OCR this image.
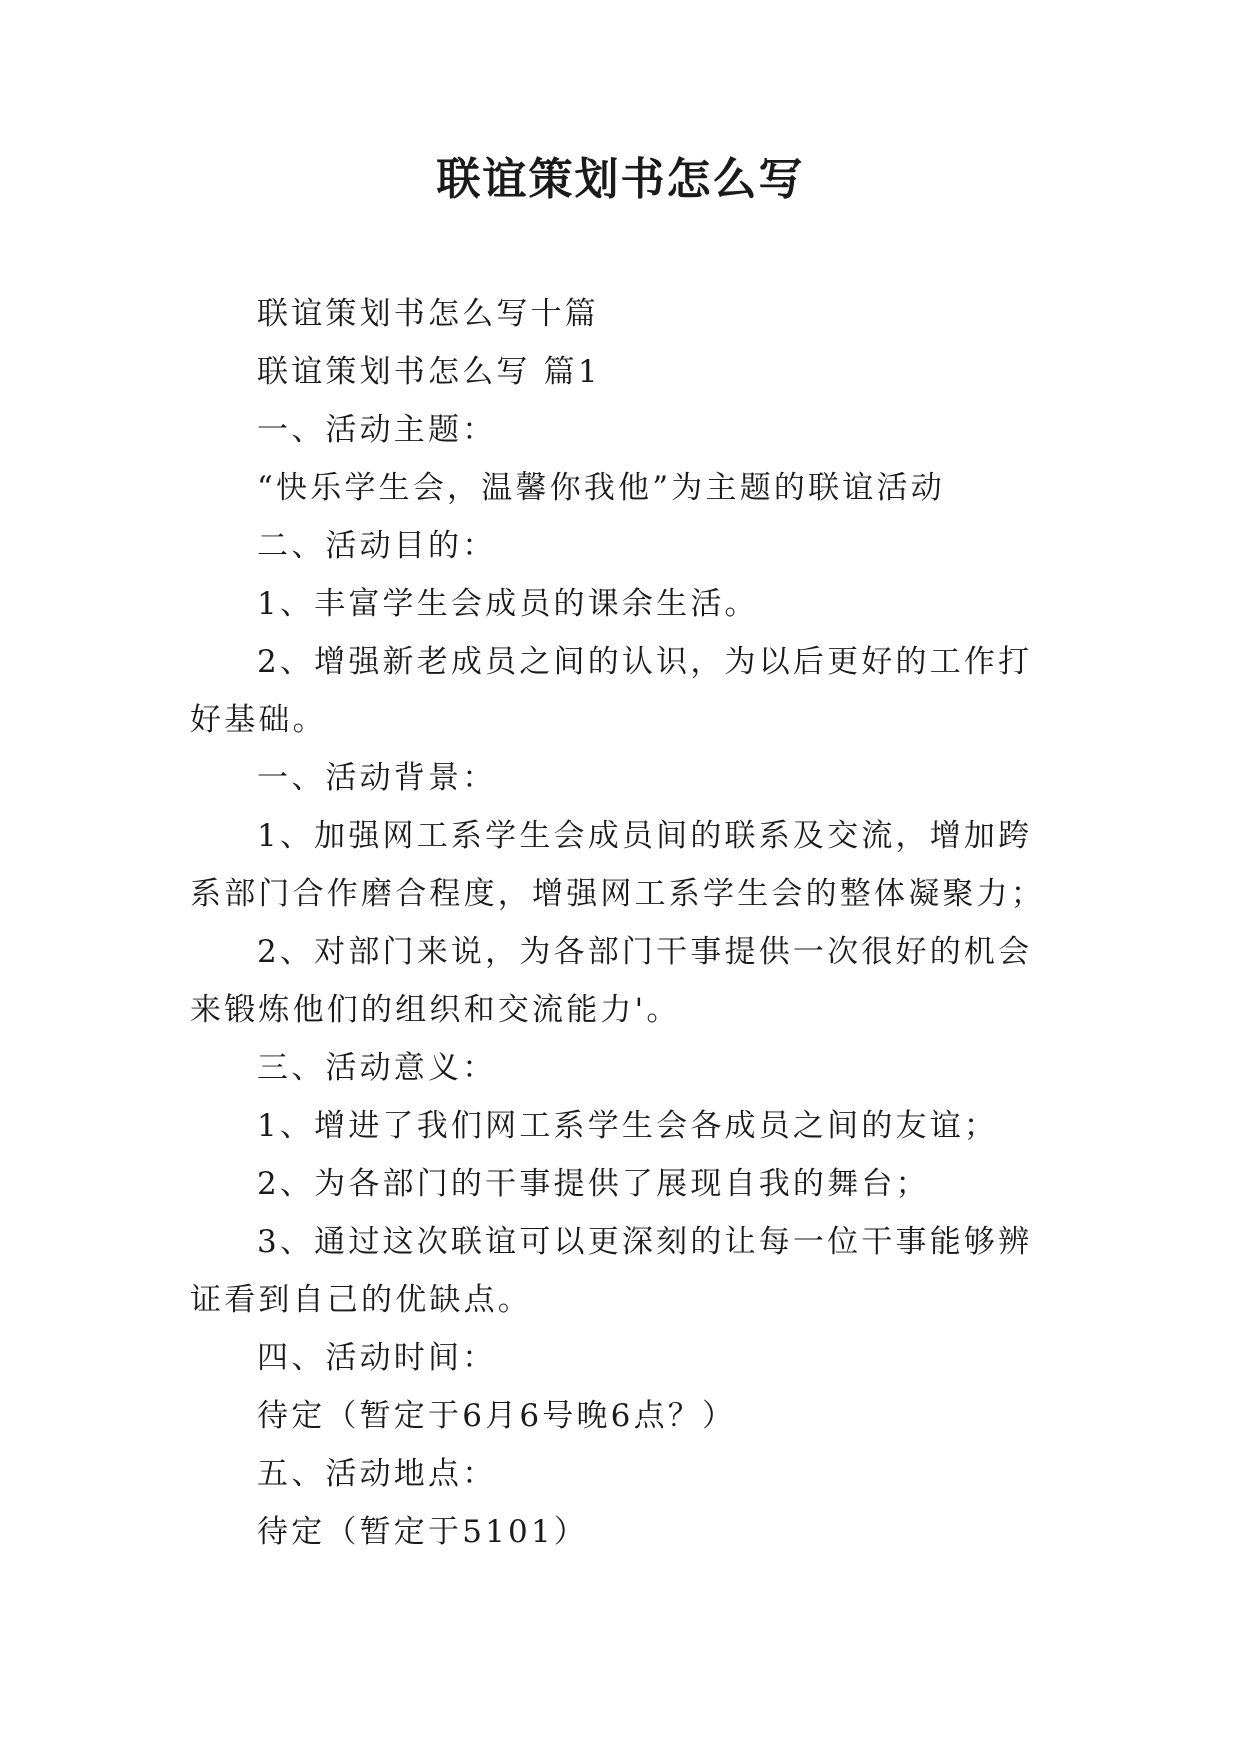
联谊策划书怎么写

联谊策划书怎么写十篇

联谊策划书怎么写 篇1

一、活动主题：

“快乐学生会，温馨你我他”为主题的联谊活动

二、活动目的：

1、丰富学生会成员的课余生活。

2、增强新老成员之间的认识，为以后更好的工作打好基础。

一、活动背景：

1、加强网工系学生会成员间的联系及交流，增加跨系部门合作磨合程度，增强网工系学生会的整体凝聚力；

2、对部门来说，为各部门干事提供一次很好的机会来锻炼他们的组织和交流能力'。

三、活动意义：

1、增进了我们网工系学生会各成员之间的友谊；

2、为各部门的干事提供了展现自我的舞台；

3、通过这次联谊可以更深刻的让每一位干事能够辨证看到自己的优缺点。

四、活动时间：

待定（暂定于6月6号晚6点？）

五、活动地点：

待定（暂定于5101）
